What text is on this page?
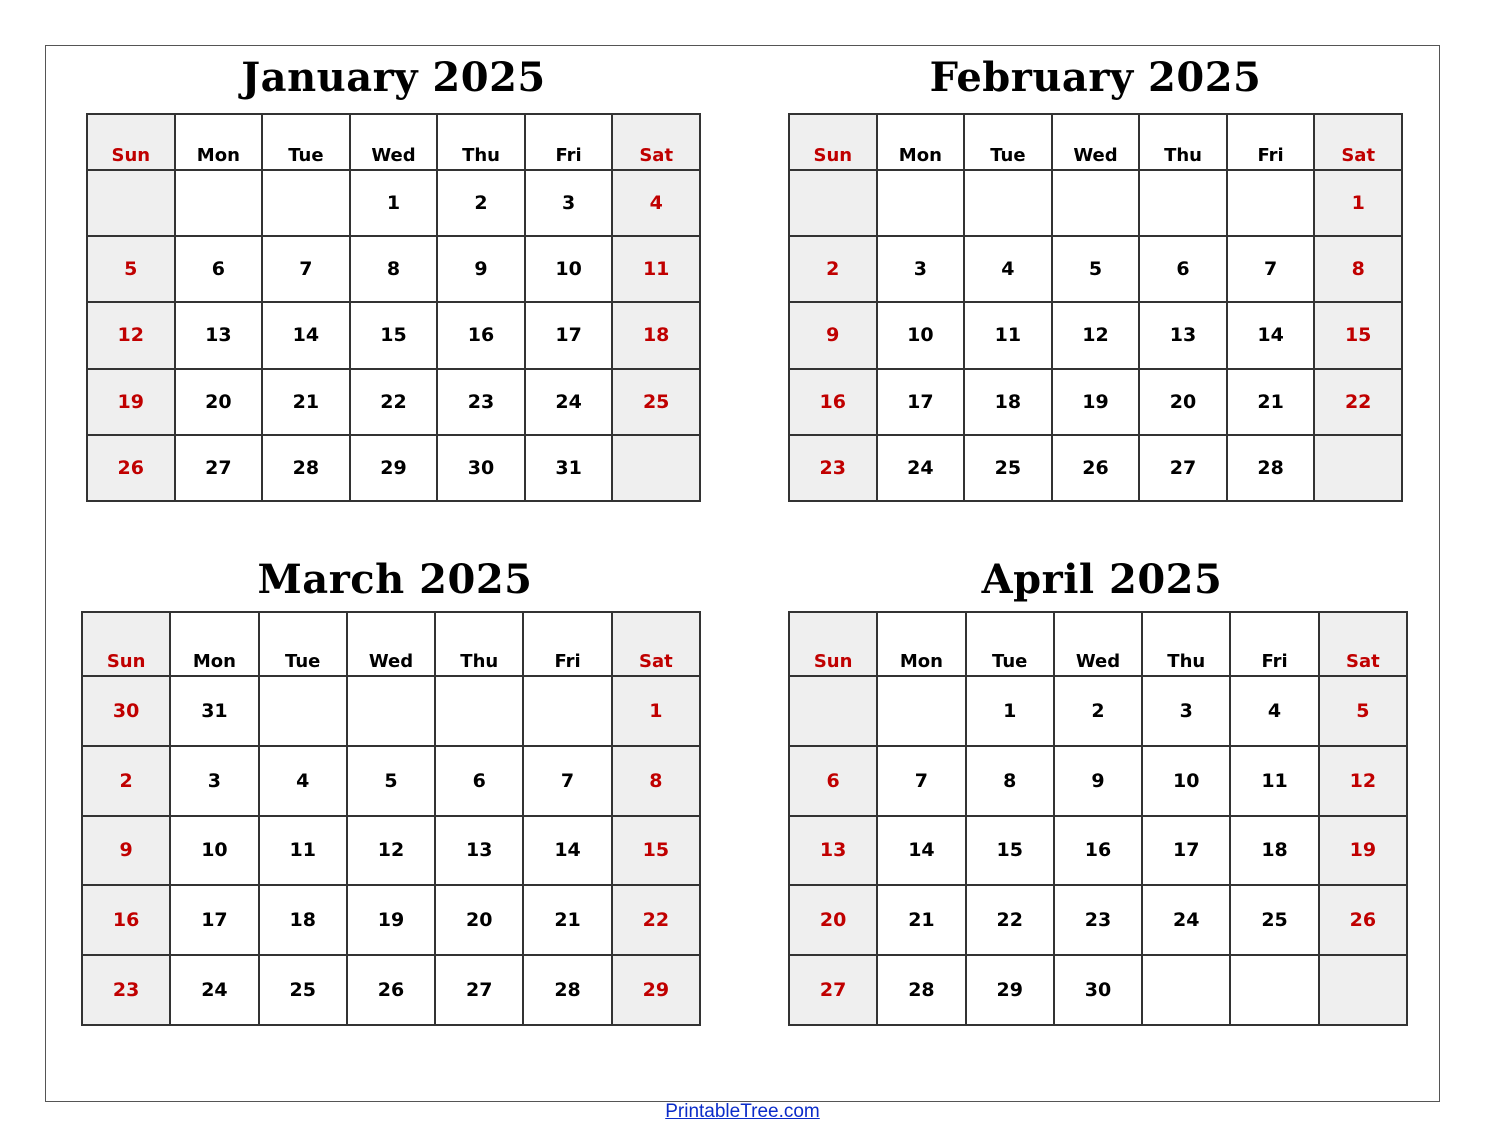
January 2025
Sun	Mon	Tue	Wed	Thu	Fri	Sat
			1	2	3	4
5	6	7	8	9	10	11
12	13	14	15	16	17	18
19	20	21	22	23	24	25
26	27	28	29	30	31	
February 2025
Sun	Mon	Tue	Wed	Thu	Fri	Sat
						1
2	3	4	5	6	7	8
9	10	11	12	13	14	15
16	17	18	19	20	21	22
23	24	25	26	27	28	
March 2025
Sun	Mon	Tue	Wed	Thu	Fri	Sat
30	31					1
2	3	4	5	6	7	8
9	10	11	12	13	14	15
16	17	18	19	20	21	22
23	24	25	26	27	28	29
April 2025
Sun	Mon	Tue	Wed	Thu	Fri	Sat
		1	2	3	4	5
6	7	8	9	10	11	12
13	14	15	16	17	18	19
20	21	22	23	24	25	26
27	28	29	30			
PrintableTree.com
